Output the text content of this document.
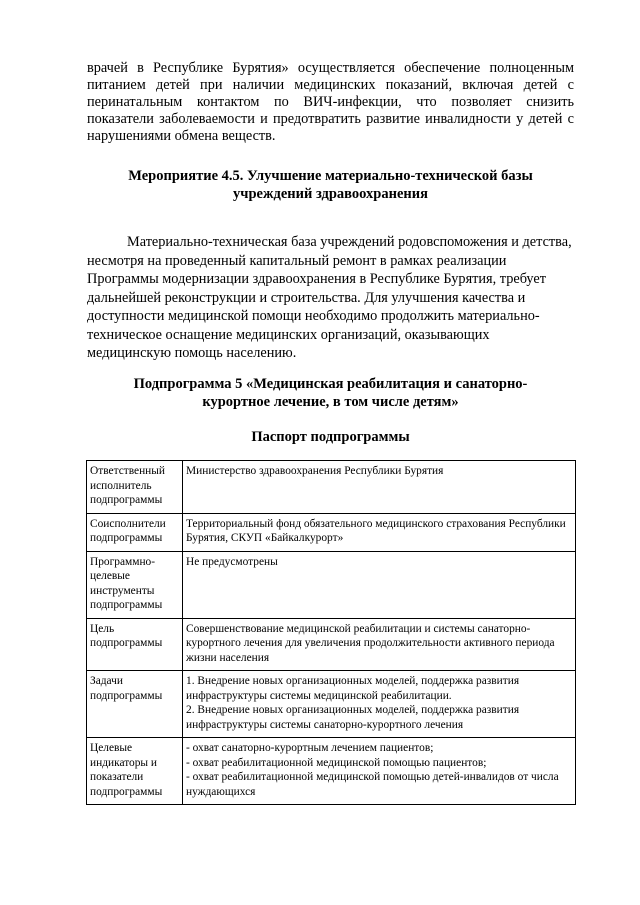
врачей в Республике Бурятия» осуществляется обеспечение полноценным питанием детей при наличии медицинских показаний, включая детей с перинатальным контактом по ВИЧ-инфекции, что позволяет снизить показатели заболеваемости и предотвратить развитие инвалидности у детей с нарушениями обмена веществ.

Мероприятие 4.5. Улучшение материально-технической базы

учреждений здравоохранения

Материально-техническая база учреждений родовспоможения и детства, несмотря на проведенный капитальный ремонт в рамках реализации Программы модернизации здравоохранения в Республике Бурятия, требует дальнейшей реконструкции и строительства. Для улучшения качества и доступности медицинской помощи необходимо продолжить материально-техническое оснащение медицинских организаций, оказывающих медицинскую помощь населению.

Подпрограмма 5 «Медицинская реабилитация и санаторно-

курортное лечение, в том числе детям»

Паспорт подпрограммы

Ответственный исполнитель подпрограммы	Министерство здравоохранения Республики Бурятия

Соисполнители подпрограммы	Территориальный фонд обязательного медицинского страхования Республики Бурятия, СКУП «Байкалкурорт»

Программно-целевые инструменты подпрограммы	Не предусмотрены

Цель подпрограммы	Совершенствование медицинской реабилитации и системы санаторно-курортного лечения для увеличения продолжительности активного периода жизни населения

Задачи подпрограммы	1. Внедрение новых организационных моделей, поддержка развития инфраструктуры системы медицинской реабилитации.
2. Внедрение новых организационных моделей, поддержка развития инфраструктуры системы санаторно-курортного лечения

Целевые индикаторы и показатели подпрограммы	- охват санаторно-курортным лечением пациентов;
- охват реабилитационной медицинской помощью пациентов;
- охват реабилитационной медицинской помощью детей-инвалидов от числа нуждающихся
